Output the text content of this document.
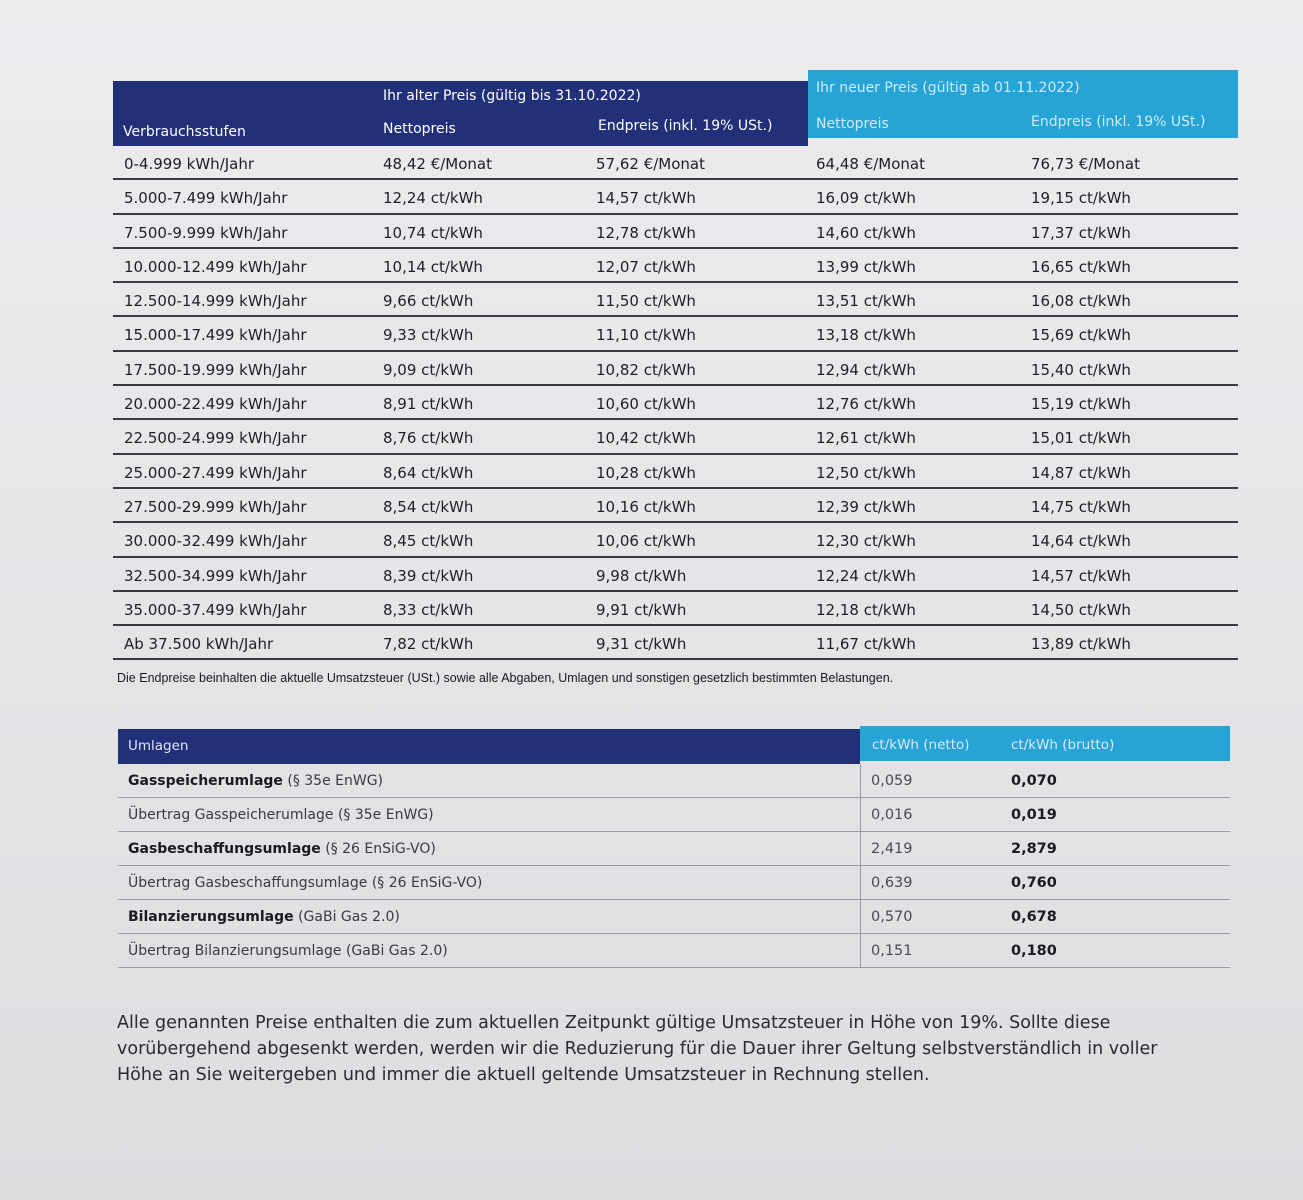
Ihr alter Preis (gültig bis 31.10.2022)
Verbrauchsstufen	Nettopreis	Endpreis (inkl. 19% USt.)
Ihr neuer Preis (gültig ab 01.11.2022)
Nettopreis	Endpreis (inkl. 19% USt.)
0-4.999 kWh/Jahr	48,42 €/Monat	57,62 €/Monat	64,48 €/Monat	76,73 €/Monat
5.000-7.499 kWh/Jahr	12,24 ct/kWh	14,57 ct/kWh	16,09 ct/kWh	19,15 ct/kWh
7.500-9.999 kWh/Jahr	10,74 ct/kWh	12,78 ct/kWh	14,60 ct/kWh	17,37 ct/kWh
10.000-12.499 kWh/Jahr	10,14 ct/kWh	12,07 ct/kWh	13,99 ct/kWh	16,65 ct/kWh
12.500-14.999 kWh/Jahr	9,66 ct/kWh	11,50 ct/kWh	13,51 ct/kWh	16,08 ct/kWh
15.000-17.499 kWh/Jahr	9,33 ct/kWh	11,10 ct/kWh	13,18 ct/kWh	15,69 ct/kWh
17.500-19.999 kWh/Jahr	9,09 ct/kWh	10,82 ct/kWh	12,94 ct/kWh	15,40 ct/kWh
20.000-22.499 kWh/Jahr	8,91 ct/kWh	10,60 ct/kWh	12,76 ct/kWh	15,19 ct/kWh
22.500-24.999 kWh/Jahr	8,76 ct/kWh	10,42 ct/kWh	12,61 ct/kWh	15,01 ct/kWh
25.000-27.499 kWh/Jahr	8,64 ct/kWh	10,28 ct/kWh	12,50 ct/kWh	14,87 ct/kWh
27.500-29.999 kWh/Jahr	8,54 ct/kWh	10,16 ct/kWh	12,39 ct/kWh	14,75 ct/kWh
30.000-32.499 kWh/Jahr	8,45 ct/kWh	10,06 ct/kWh	12,30 ct/kWh	14,64 ct/kWh
32.500-34.999 kWh/Jahr	8,39 ct/kWh	9,98 ct/kWh	12,24 ct/kWh	14,57 ct/kWh
35.000-37.499 kWh/Jahr	8,33 ct/kWh	9,91 ct/kWh	12,18 ct/kWh	14,50 ct/kWh
Ab 37.500 kWh/Jahr	7,82 ct/kWh	9,31 ct/kWh	11,67 ct/kWh	13,89 ct/kWh
Die Endpreise beinhalten die aktuelle Umsatzsteuer (USt.) sowie alle Abgaben, Umlagen und sonstigen gesetzlich bestimmten Belastungen.
Umlagen	ct/kWh (netto)	ct/kWh (brutto)
Gasspeicherumlage (§ 35e EnWG)	0,059	0,070
Übertrag Gasspeicherumlage (§ 35e EnWG)	0,016	0,019
Gasbeschaffungsumlage (§ 26 EnSiG-VO)	2,419	2,879
Übertrag Gasbeschaffungsumlage (§ 26 EnSiG-VO)	0,639	0,760
Bilanzierungsumlage (GaBi Gas 2.0)	0,570	0,678
Übertrag Bilanzierungsumlage (GaBi Gas 2.0)	0,151	0,180
Alle genannten Preise enthalten die zum aktuellen Zeitpunkt gültige Umsatzsteuer in Höhe von 19%. Sollte diese vorübergehend abgesenkt werden, werden wir die Reduzierung für die Dauer ihrer Geltung selbstverständlich in voller Höhe an Sie weitergeben und immer die aktuell geltende Umsatzsteuer in Rechnung stellen.
